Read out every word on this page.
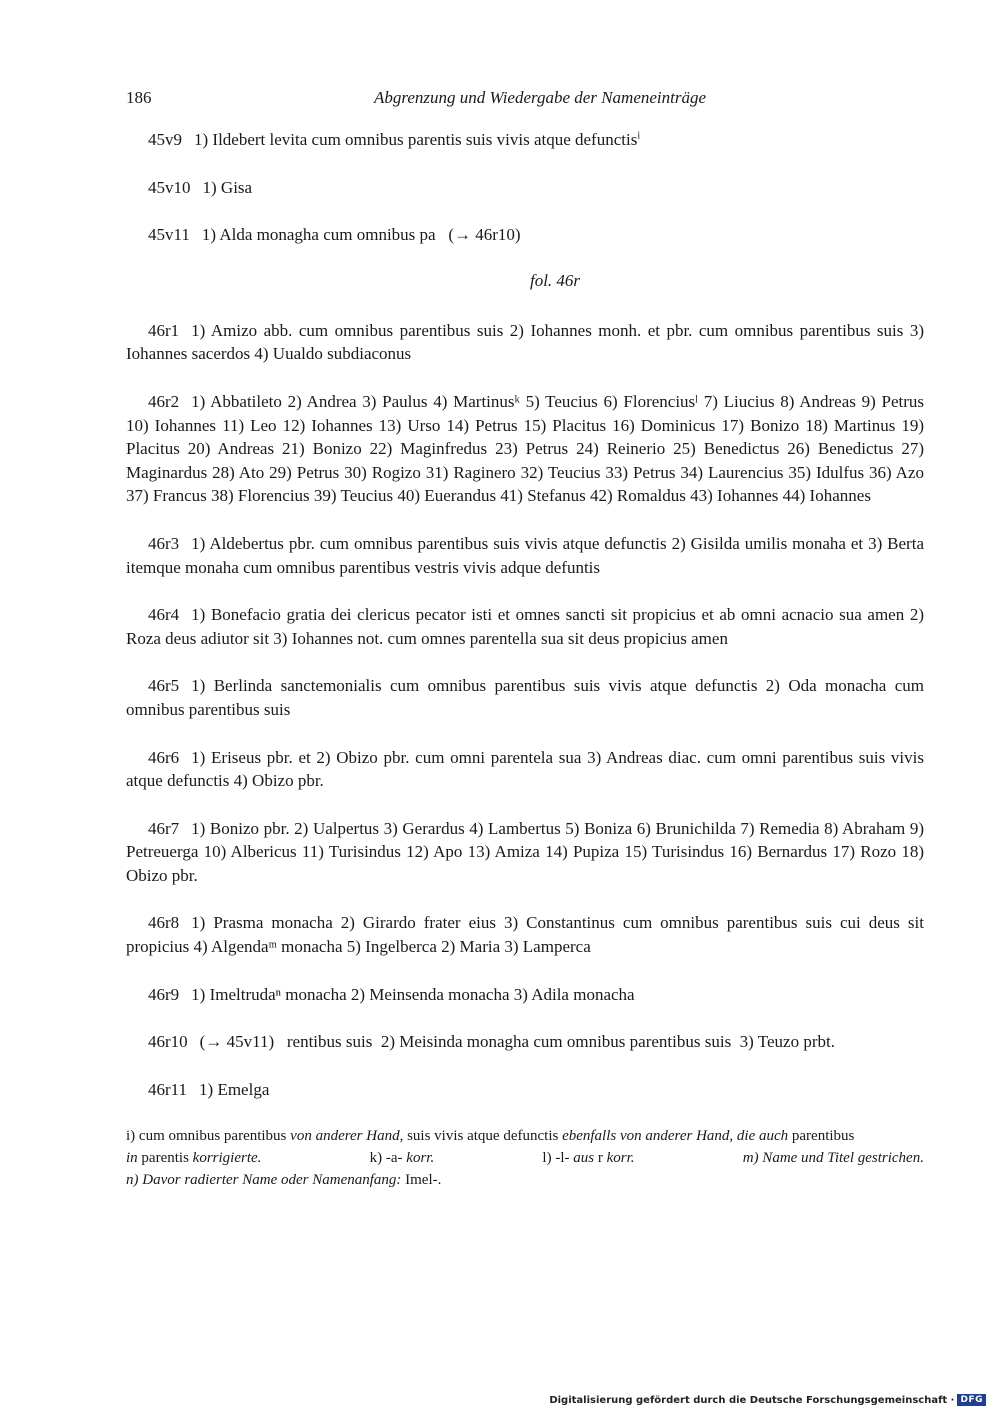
186	Abgrenzung und Wiedergabe der Nameneinträge

45v9 1) Ildebert levita cum omnibus parentis suis vivis atque defunctis$^i$

45v10 1) Gisa

45v11 1) Alda monagha cum omnibus pa   (→ 46r10)

fol. 46r

46r1 1) Amizo abb. cum omnibus parentibus suis 2) Iohannes monh. et pbr. cum omnibus parentibus suis 3) Iohannes sacerdos 4) Uualdo subdiaconus

46r2 1) Abbatileto 2) Andrea 3) Paulus 4) Martinusᵏ 5) Teucius 6) Florenciusˡ 7) Liucius 8) Andreas 9) Petrus 10) Iohannes 11) Leo 12) Iohannes 13) Urso 14) Petrus 15) Placitus 16) Dominicus 17) Bonizo 18) Martinus 19) Placitus 20) Andreas 21) Bonizo 22) Maginfredus 23) Petrus 24) Reinerio 25) Benedictus 26) Benedictus 27) Maginardus 28) Ato 29) Petrus 30) Rogizo 31) Raginero 32) Teucius 33) Petrus 34) Laurencius 35) Idulfus 36) Azo 37) Francus 38) Florencius 39) Teucius 40) Euerandus 41) Stefanus 42) Romaldus 43) Iohannes 44) Iohannes

46r3 1) Aldebertus pbr. cum omnibus parentibus suis vivis atque defunctis 2) Gisilda umilis monaha et 3) Berta itemque monaha cum omnibus parentibus vestris vivis adque defuntis

46r4 1) Bonefacio gratia dei clericus pecator isti et omnes sancti sit propicius et ab omni acnacio sua amen 2) Roza deus adiutor sit 3) Iohannes not. cum omnes parentella sua sit deus propicius amen

46r5 1) Berlinda sanctemonialis cum omnibus parentibus suis vivis atque defunctis 2) Oda monacha cum omnibus parentibus suis

46r6 1) Eriseus pbr. et 2) Obizo pbr. cum omni parentela sua 3) Andreas diac. cum omni parentibus suis vivis atque defunctis 4) Obizo pbr.

46r7 1) Bonizo pbr. 2) Ualpertus 3) Gerardus 4) Lambertus 5) Boniza 6) Brunichilda 7) Remedia 8) Abraham 9) Petreuerga 10) Albericus 11) Turisindus 12) Apo 13) Amiza 14) Pupiza 15) Turisindus 16) Bernardus 17) Rozo 18) Obizo pbr.

46r8 1) Prasma monacha 2) Girardo frater eius 3) Constantinus cum omnibus parentibus suis cui deus sit propicius 4) Algendaᵐ monacha 5) Ingelberca 2) Maria 3) Lamperca

46r9 1) Imeltrudaⁿ monacha 2) Meinsenda monacha 3) Adila monacha

46r10 (→ 45v11)   rentibus suis  2) Meisinda monagha cum omnibus parentibus suis  3) Teuzo prbt.

46r11 1) Emelga

i) cum omnibus parentibus von anderer Hand, suis vivis atque defunctis ebenfalls von anderer Hand, die auch parentibus
in parentis korrigierte.	k) -a- korr.	l) -l- aus r korr.	m) Name und Titel gestrichen.
n) Davor radierter Name oder Namenanfang: Imel-.
Digitalisierung gefördert durch die Deutsche Forschungsgemeinschaft · DFG
